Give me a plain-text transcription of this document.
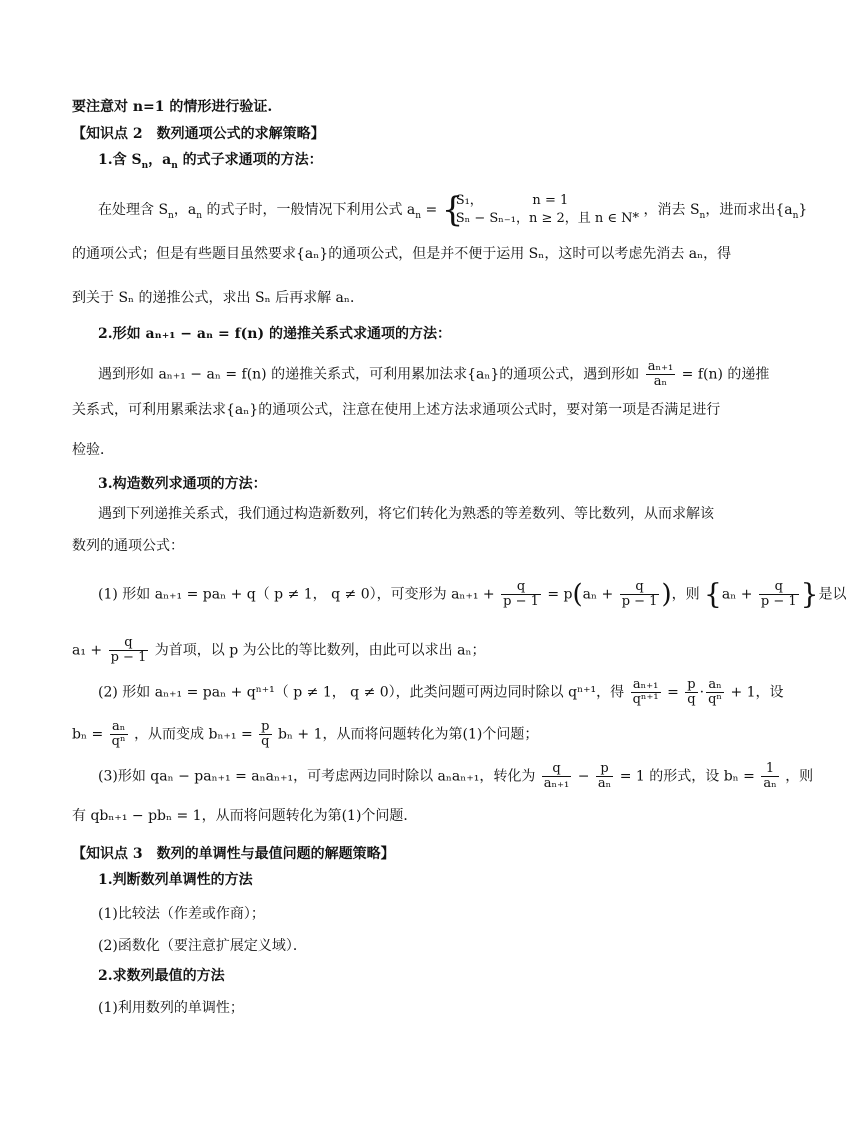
要注意对 n=1 的情形进行验证.
【知识点 2　数列通项公式的求解策略】
1.含 $S_n$，$a_n$ 的式子求通项的方法：
在处理含 $S_n$，$a_n$ 的式子时，一般情况下利用公式 $a_n$ = {
S₁，　　　　 n = 1
Sₙ − Sₙ₋₁，n ≥ 2，且 n ∈ N*
，消去 $S_n$，进而求出$\{a_n\}$
的通项公式；但是有些题目虽然要求{aₙ}的通项公式，但是并不便于运用 Sₙ，这时可以考虑先消去 aₙ，得
到关于 Sₙ 的递推公式，求出 Sₙ 后再求解 aₙ．
2.形如 aₙ₊₁ − aₙ = f(n) 的递推关系式求通项的方法：
遇到形如 aₙ₊₁ − aₙ = f(n) 的递推关系式，可利用累加法求{aₙ}的通项公式，遇到形如 $\frac{\text{aₙ₊₁}}{\text{aₙ}} = f(n)$ 的递推
关系式，可利用累乘法求{aₙ}的通项公式，注意在使用上述方法求通项公式时，要对第一项是否满足进行
检验．
3.构造数列求通项的方法：
遇到下列递推关系式，我们通过构造新数列，将它们转化为熟悉的等差数列、等比数列，从而求解该
数列的通项公式：
(1) 形如 aₙ₊₁ = paₙ + q（ p ≠ 1， q ≠ 0），可变形为 $a_{n+1} + \frac{q}{p - 1} = p(a_n + \frac{q}{p - 1}$ )，则 {$a_n + \frac{q}{p - 1}$ }是以
$a_1 + \frac{q}{p - 1}$ 为首项，以 p 为公比的等比数列，由此可以求出 aₙ；
(2) 形如 aₙ₊₁ = paₙ + qⁿ⁺¹（ p ≠ 1， q ≠ 0），此类问题可两边同时除以 qⁿ⁺¹，得 $\frac{\text{aₙ₊₁}}{\text{qⁿ⁺¹}} = \frac{p}{q} \cdot \frac{\text{aₙ}}{\text{qⁿ}} + 1$，设
$b_n = \frac{\text{aₙ}}{\text{qⁿ}}$ ，从而变成 $b_{n+1} = \frac{p}{q}$ bₙ + 1，从而将问题转化为第(1)个问题；
(3)形如 qaₙ − paₙ₊₁ = aₙaₙ₊₁，可考虑两边同时除以 aₙaₙ₊₁，转化为 $\frac{q}{\text{aₙ₊₁}} - \frac{p}{\text{aₙ}} = 1$ 的形式，设 $b_n = \frac{1}{\text{aₙ}}$ ，则
有 qbₙ₊₁ − pbₙ = 1，从而将问题转化为第(1)个问题．
【知识点 3　数列的单调性与最值问题的解题策略】
1.判断数列单调性的方法
(1)比较法（作差或作商）；
(2)函数化（要注意扩展定义域）．
2.求数列最值的方法
(1)利用数列的单调性；
